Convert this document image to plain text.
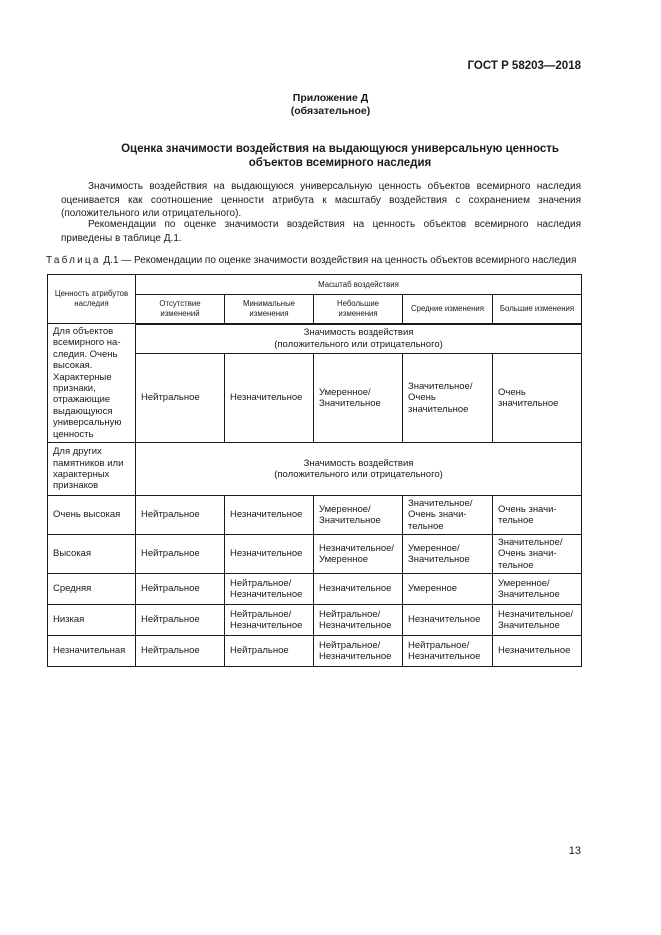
ГОСТ Р 58203—2018
Приложение Д
(обязательное)
Оценка значимости воздействия на выдающуюся универсальную ценность
объектов всемирного наследия
Значимость воздействия на выдающуюся универсальную ценность объектов всемирного наследия оценивается как соотношение ценности атрибута к масштабу воздействия с сохранением значения (положительного или отрицательного).
Рекомендации по оценке значимости воздействия на ценность объектов всемирного наследия приведены в таблице Д.1.
Таблица Д.1 — Рекомендации по оценке значимости воздействия на ценность объектов всемирного наследия
Ценность атрибутов наследия	Масштаб воздействия				
	Отсутствие изменений	Минимальные изменения	Небольшие изменения	Средние изменения	Большие изменения
Для объектов всемирного на-следия. Очень высокая. Характерные признаки, отражающие выдающуюся универсальную ценность	Значимость воздействия
(положительного или отрицательного)				

	Нейтральное	Незначительное	Умеренное/ Значительное	Значительное/ Очень значительное	Очень значительное
Для других памятников или характерных признаков	Значимость воздействия
(положительного или отрицательного)				

Очень высокая	Нейтральное	Незначительное	Умеренное/ Значительное	Значительное/ Очень значи-тельное	Очень значи-тельное
Высокая	Нейтральное	Незначительное	Незначительное/ Умеренное	Умеренное/ Значительное	Значительное/ Очень значи-тельное
Средняя	Нейтральное	Нейтральное/ Незначительное	Незначительное	Умеренное	Умеренное/ Значительное
Низкая	Нейтральное	Нейтральное/ Незначительное	Нейтральное/ Незначительное	Незначительное	Незначительное/ Значительное
Незначительная	Нейтральное	Нейтральное	Нейтральное/ Незначительное	Нейтральное/ Незначительное	Незначительное
13
